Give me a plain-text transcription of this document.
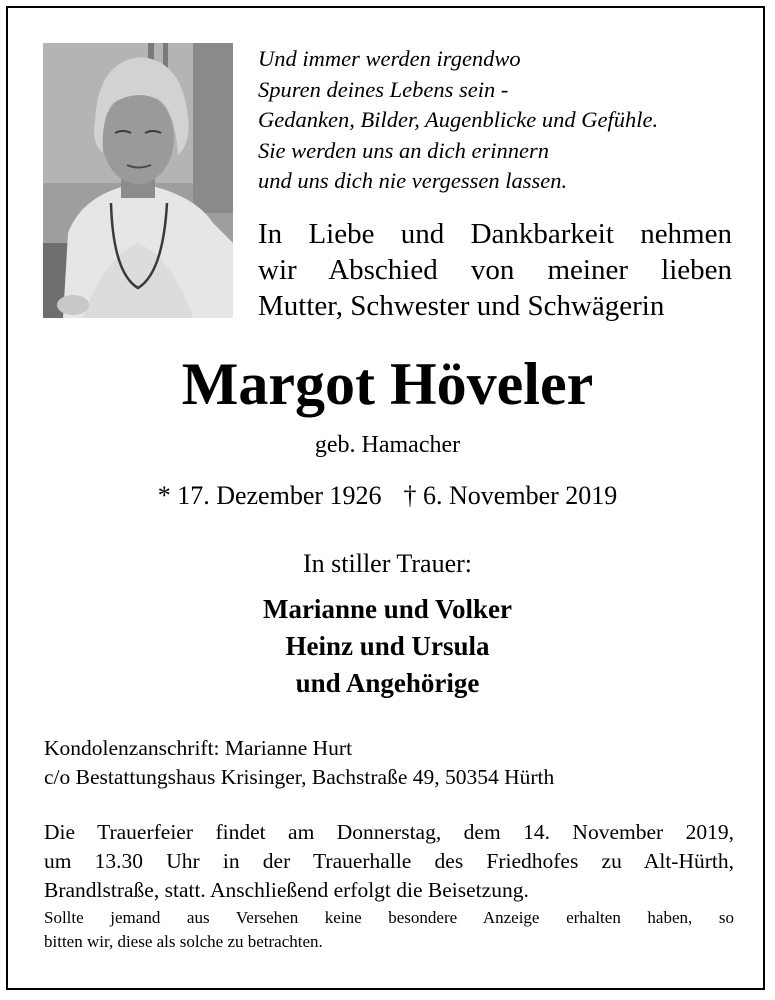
Und immer werden irgendwo
Spuren deines Lebens sein -
Gedanken, Bilder, Augenblicke und Gefühle.
Sie werden uns an dich erinnern
und uns dich nie vergessen lassen.
In Liebe und Dankbarkeit nehmen
wir Abschied von meiner lieben
Mutter, Schwester und Schwägerin
Margot Höveler
geb. Hamacher
* 17. Dezember 1926 † 6. November 2019
In stiller Trauer:
Marianne und Volker
Heinz und Ursula
und Angehörige
Kondolenzanschrift: Marianne Hurt
c/o Bestattungshaus Krisinger, Bachstraße 49, 50354 Hürth
Die Trauerfeier findet am Donnerstag, dem 14. November 2019,
um 13.30 Uhr in der Trauerhalle des Friedhofes zu Alt-Hürth,
Brandlstraße, statt. Anschließend erfolgt die Beisetzung.
Sollte jemand aus Versehen keine besondere Anzeige erhalten haben, so
bitten wir, diese als solche zu betrachten.
